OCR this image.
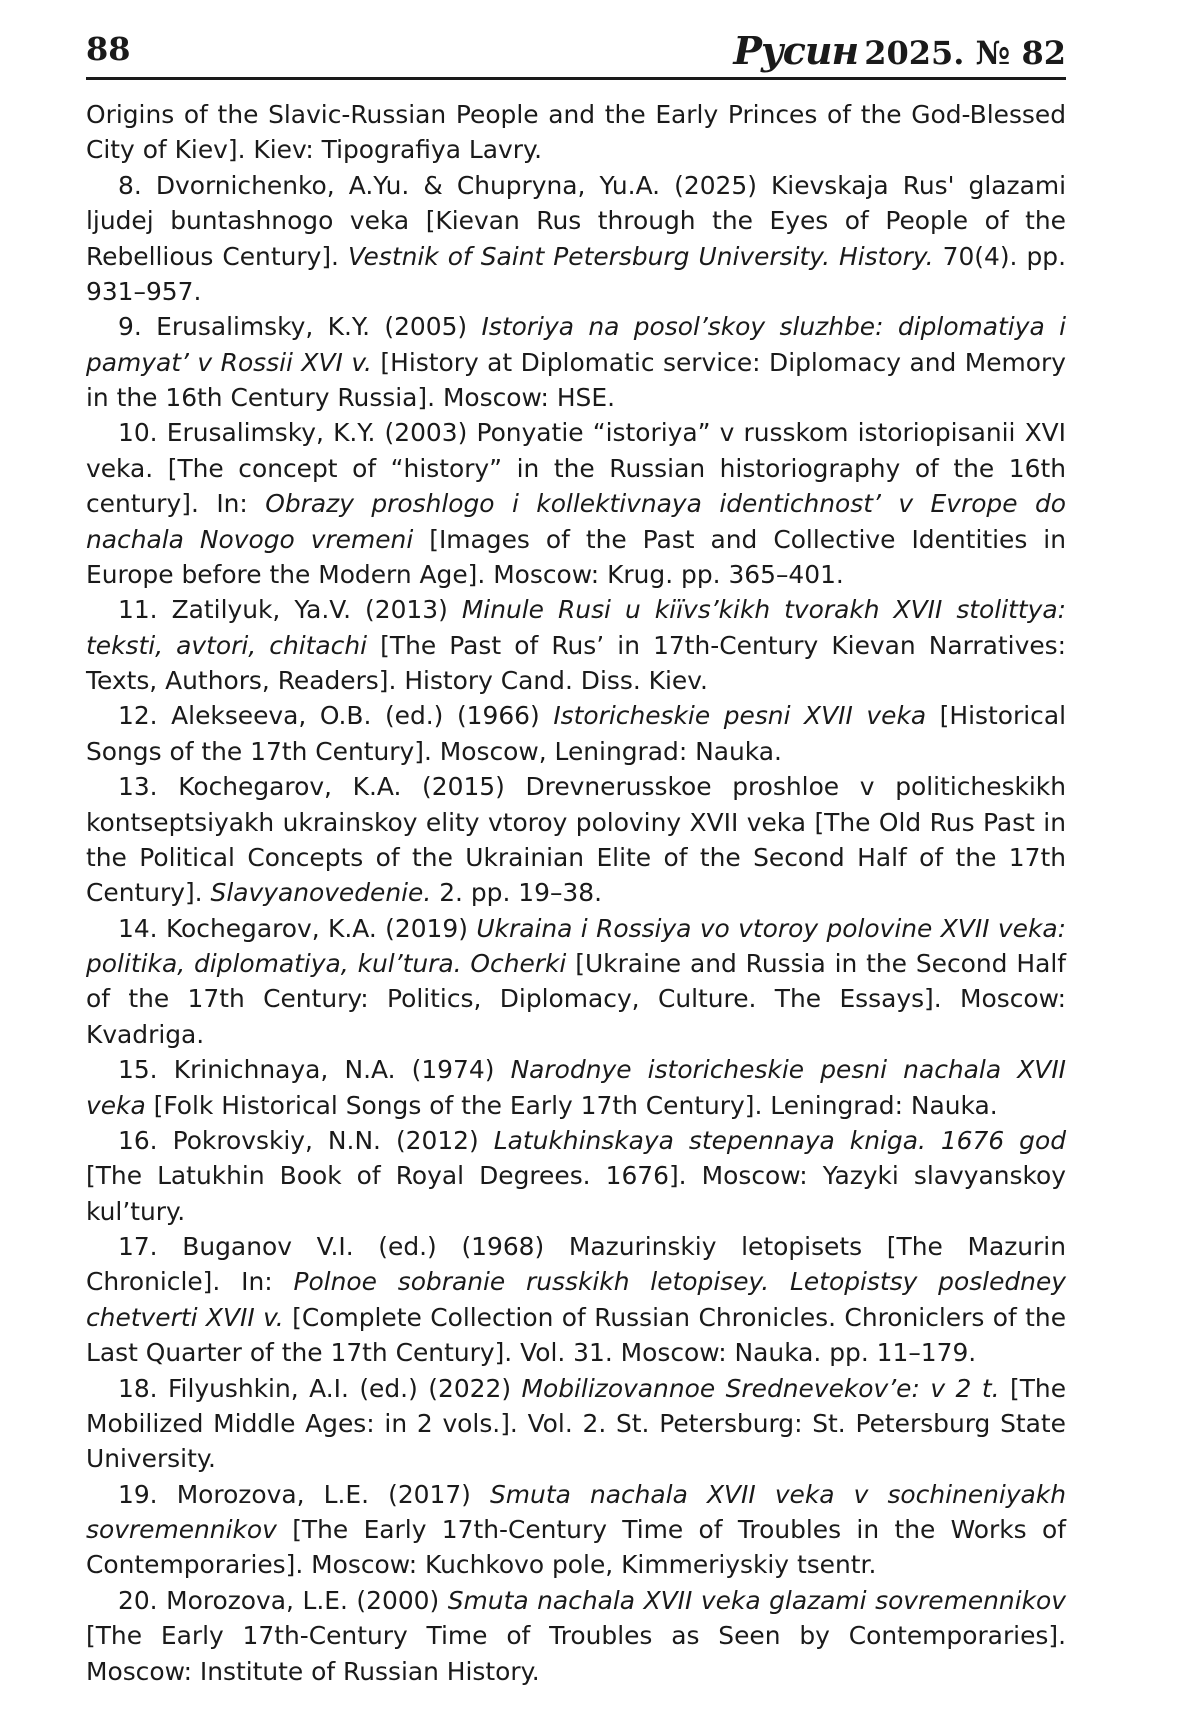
88	Русин 2025. № 82

Origins of the Slavic-Russian People and the Early Princes of the God-Blessed City of Kiev]. Kiev: Tipografiya Lavry.

8. Dvornichenko, A.Yu. & Chupryna, Yu.A. (2025) Kievskaja Rus' glazami ljudej buntashnogo veka [Kievan Rus through the Eyes of People of the Rebellious Century]. Vestnik of Saint Petersburg University. History. 70(4). pp. 931–957.

9. Erusalimsky, K.Y. (2005) Istoriya na posol’skoy sluzhbe: diplomatiya i pamyat’ v Rossii XVI v. [History at Diplomatic service: Diplomacy and Memory in the 16th Century Russia]. Moscow: HSE.

10. Erusalimsky, K.Y. (2003) Ponyatie “istoriya” v russkom istoriopisanii XVI veka. [The concept of “history” in the Russian historiography of the 16th century]. In: Obrazy proshlogo i kollektivnaya identichnost’ v Evrope do nachala Novogo vremeni [Images of the Past and Collective Identities in Europe before the Modern Age]. Moscow: Krug. pp. 365–401.

11. Zatilyuk, Ya.V. (2013) Minule Rusi u kiïvs’kikh tvorakh XVII stolittya: teksti, avtori, chitachi [The Past of Rus’ in 17th-Century Kievan Narratives: Texts, Authors, Readers]. History Cand. Diss. Kiev.

12. Alekseeva, O.B. (ed.) (1966) Istoricheskie pesni XVII veka [Historical Songs of the 17th Century]. Moscow, Leningrad: Nauka.

13. Kochegarov, K.A. (2015) Drevnerusskoe proshloe v politicheskikh kontseptsiyakh ukrainskoy elity vtoroy poloviny XVII veka [The Old Rus Past in the Political Concepts of the Ukrainian Elite of the Second Half of the 17th Century]. Slavyanovedenie. 2. pp. 19–38.

14. Kochegarov, K.A. (2019) Ukraina i Rossiya vo vtoroy polovine XVII veka: politika, diplomatiya, kul’tura. Ocherki [Ukraine and Russia in the Second Half of the 17th Century: Politics, Diplomacy, Culture. The Essays]. Moscow: Kvadriga.

15. Krinichnaya, N.A. (1974) Narodnye istoricheskie pesni nachala XVII veka [Folk Historical Songs of the Early 17th Century]. Leningrad: Nauka.

16. Pokrovskiy, N.N. (2012) Latukhinskaya stepennaya kniga. 1676 god [The Latukhin Book of Royal Degrees. 1676]. Moscow: Yazyki slavyanskoy kul’tury.

17. Buganov V.I. (ed.) (1968) Mazurinskiy letopisets [The Mazurin Chronicle]. In: Polnoe sobranie russkikh letopisey. Letopistsy posledney chetverti XVII v. [Complete Collection of Russian Chronicles. Chroniclers of the Last Quarter of the 17th Century]. Vol. 31. Moscow: Nauka. pp. 11–179.

18. Filyushkin, A.I. (ed.) (2022) Mobilizovannoe Srednevekov’e: v 2 t. [The Mobilized Middle Ages: in 2 vols.]. Vol. 2. St. Petersburg: St. Petersburg State University.

19. Morozova, L.E. (2017) Smuta nachala XVII veka v sochineniyakh sovremennikov [The Early 17th-Century Time of Troubles in the Works of Contemporaries]. Moscow: Kuchkovo pole, Kimmeriyskiy tsentr.

20. Morozova, L.E. (2000) Smuta nachala XVII veka glazami sovremennikov [The Early 17th-Century Time of Troubles as Seen by Contemporaries]. Moscow: Institute of Russian History.
